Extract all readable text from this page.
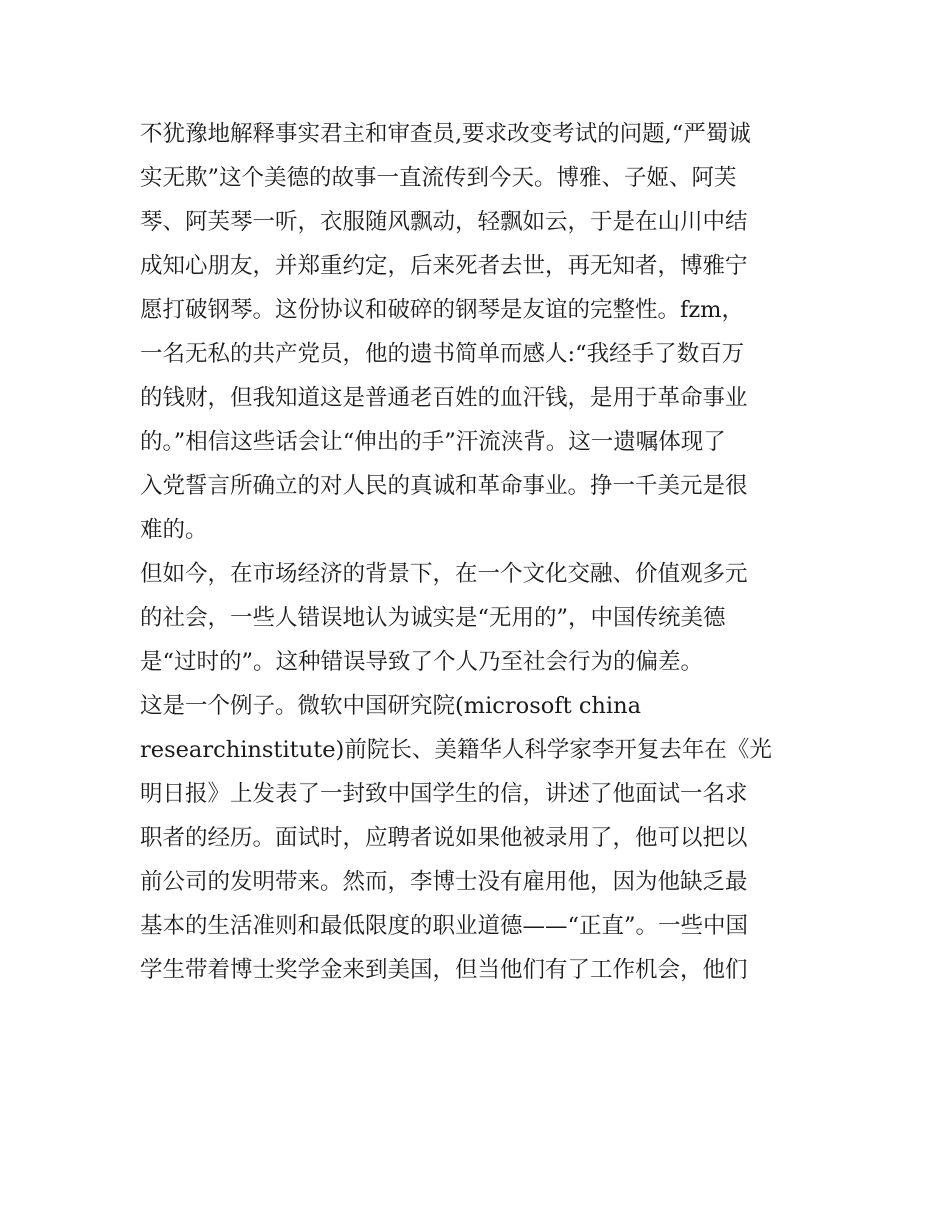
不犹豫地解释事实君主和审查员,要求改变考试的问题,“严蜀诚
实无欺”这个美德的故事一直流传到今天。博雅、子姬、阿芙
琴、阿芙琴一听，衣服随风飘动，轻飘如云，于是在山川中结
成知心朋友，并郑重约定，后来死者去世，再无知者，博雅宁
愿打破钢琴。这份协议和破碎的钢琴是友谊的完整性。fzm，
一名无私的共产党员，他的遗书简单而感人:“我经手了数百万
的钱财，但我知道这是普通老百姓的血汗钱，是用于革命事业
的。”相信这些话会让“伸出的手”汗流浃背。这一遗嘱体现了
入党誓言所确立的对人民的真诚和革命事业。挣一千美元是很
难的。
但如今，在市场经济的背景下，在一个文化交融、价值观多元
的社会，一些人错误地认为诚实是“无用的”，中国传统美德
是“过时的”。这种错误导致了个人乃至社会行为的偏差。
这是一个例子。微软中国研究院(microsoft china
researchinstitute)前院长、美籍华人科学家李开复去年在《光
明日报》上发表了一封致中国学生的信，讲述了他面试一名求
职者的经历。面试时，应聘者说如果他被录用了，他可以把以
前公司的发明带来。然而，李博士没有雇用他，因为他缺乏最
基本的生活准则和最低限度的职业道德——“正直”。一些中国
学生带着博士奖学金来到美国，但当他们有了工作机会，他们
